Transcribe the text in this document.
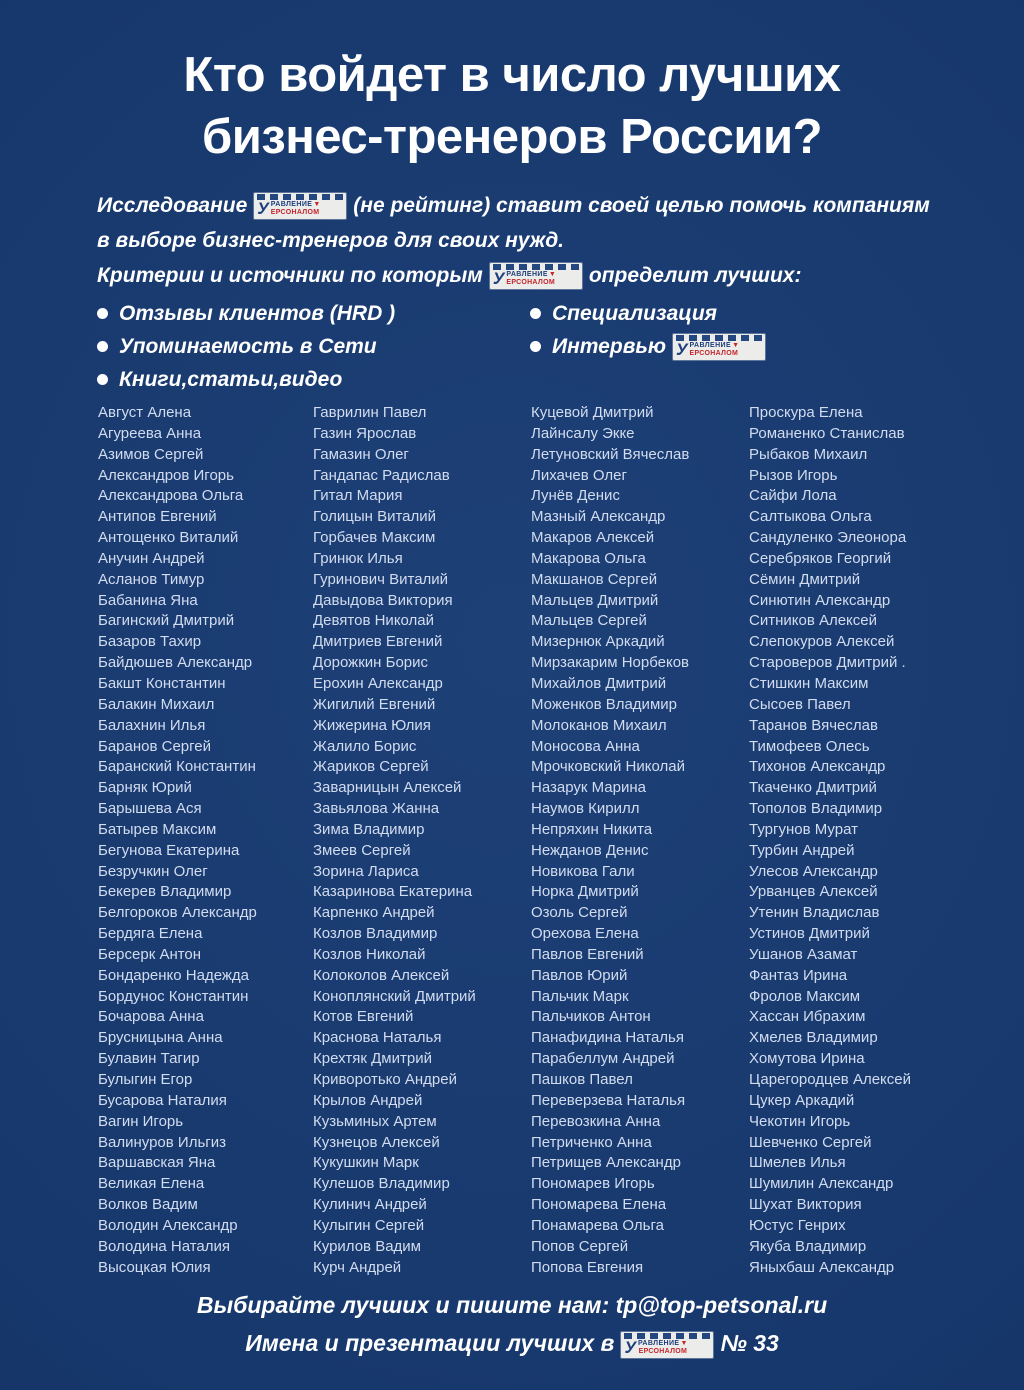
Кто войдет в число лучших
бизнес-тренеров России?

Исследование У РАВЛЕНИЕ ▼
ЕРСОНАЛОМ (не рейтинг) ставит своей целью помочь компаниям

в выборе бизнес-тренеров для своих нужд.

Критерии и источники по которым У РАВЛЕНИЕ ▼
ЕРСОНАЛОМ определит лучших:

Отзывы клиентов (HRD )
Упоминаемость в Сети
Книги,статьи,видео
Специализация
Интервью У РАВЛЕНИЕ ▼
ЕРСОНАЛОМ
Август Алена
Агуреева Анна
Азимов Сергей
Александров Игорь
Александрова Ольга
Антипов Евгений
Антощенко Виталий
Анучин Андрей
Асланов Тимур
Бабанина Яна
Багинский Дмитрий
Базаров Тахир
Байдюшев Александр
Бакшт Константин
Балакин Михаил
Балахнин Илья
Баранов Сергей
Баранский Константин
Барняк Юрий
Барышева Ася
Батырев Максим
Бегунова Екатерина
Безручкин Олег
Бекерев Владимир
Белгороков Александр
Бердяга Елена
Берсерк Антон
Бондаренко Надежда
Бордунос Константин
Бочарова Анна
Брусницына Анна
Булавин Тагир
Булыгин Егор
Бусарова Наталия
Вагин Игорь
Валинуров Ильгиз
Варшавская Яна
Великая Елена
Волков Вадим
Володин Александр
Володина Наталия
Высоцкая Юлия
Гаврилин Павел
Газин Ярослав
Гамазин Олег
Гандапас Радислав
Гитал Мария
Голицын Виталий
Горбачев Максим
Гринюк Илья
Гуринович Виталий
Давыдова Виктория
Девятов Николай
Дмитриев Евгений
Дорожкин Борис
Ерохин Александр
Жигилий Евгений
Жижерина Юлия
Жалило Борис
Жариков Сергей
Заварницын Алексей
Завьялова Жанна
Зима Владимир
Змеев Сергей
Зорина Лариса
Казаринова Екатерина
Карпенко Андрей
Козлов Владимир
Козлов Николай
Колоколов Алексей
Коноплянский Дмитрий
Котов Евгений
Краснова Наталья
Крехтяк Дмитрий
Криворотько Андрей
Крылов Андрей
Кузьминых Артем
Кузнецов Алексей
Кукушкин Марк
Кулешов Владимир
Кулинич Андрей
Кулыгин Сергей
Курилов Вадим
Курч Андрей
Куцевой Дмитрий
Лайнсалу Экке
Летуновский Вячеслав
Лихачев Олег
Лунёв Денис
Мазный Александр
Макаров Алексей
Макарова Ольга
Макшанов Сергей
Мальцев Дмитрий
Мальцев Сергей
Мизернюк Аркадий
Мирзакарим Норбеков
Михайлов Дмитрий
Моженков Владимир
Молоканов Михаил
Моносова Анна
Мрочковский Николай
Назарук Марина
Наумов Кирилл
Непряхин Никита
Нежданов Денис
Новикова Гали
Норка Дмитрий
Озоль Сергей
Орехова Елена
Павлов Евгений
Павлов Юрий
Пальчик Марк
Пальчиков Антон
Панафидина Наталья
Парабеллум Андрей
Пашков Павел
Переверзева Наталья
Перевозкина Анна
Петриченко Анна
Петрищев Александр
Пономарев Игорь
Пономарева Елена
Понамарева Ольга
Попов Сергей
Попова Евгения
Проскура Елена
Романенко Станислав
Рыбаков Михаил
Рызов Игорь
Сайфи Лола
Салтыкова Ольга
Сандуленко Элеонора
Серебряков Георгий
Сёмин Дмитрий
Синютин Александр
Ситников Алексей
Слепокуров Алексей
Староверов Дмитрий .
Стишкин Максим
Сысоев Павел
Таранов Вячеслав
Тимофеев Олесь
Тихонов Александр
Ткаченко Дмитрий
Тополов Владимир
Тургунов Мурат
Турбин Андрей
Улесов Александр
Урванцев Алексей
Утенин Владислав
Устинов Дмитрий
Ушанов Азамат
Фантаз Ирина
Фролов Максим
Хассан Ибрахим
Хмелев Владимир
Хомутова Ирина
Царегородцев Алексей
Цукер Аркадий
Чекотин Игорь
Шевченко Сергей
Шмелев Илья
Шумилин Александр
Шухат Виктория
Юстус Генрих
Якуба Владимир
Яныхбаш Александр
Выбирайте лучших и пишите нам: tp@top-petsonal.ru
Имена и презентации лучших в У РАВЛЕНИЕ ▼
ЕРСОНАЛОМ № 33
